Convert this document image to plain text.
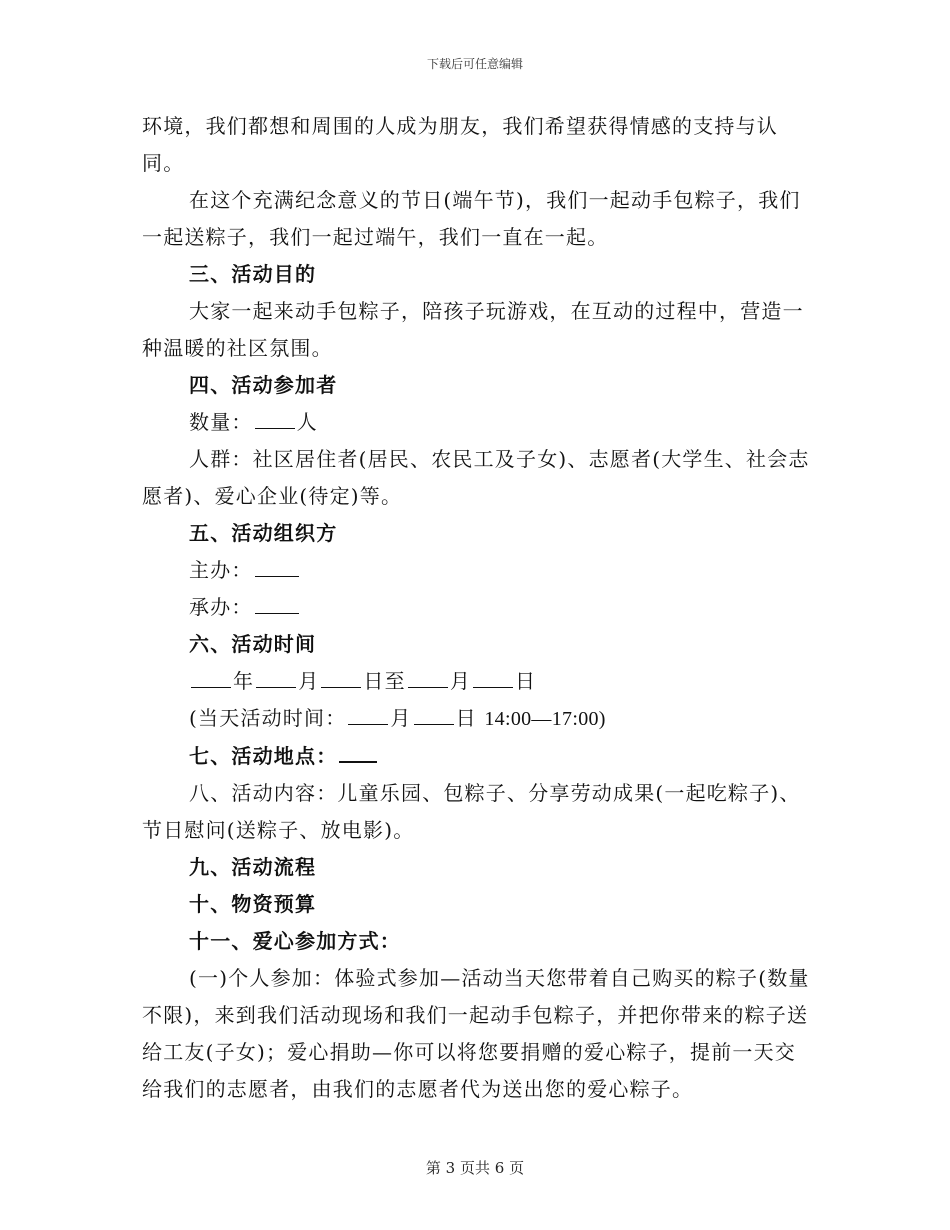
下载后可任意编辑

环境，我们都想和周围的人成为朋友，我们希望获得情感的支持与认同。

在这个充满纪念意义的节日(端午节)，我们一起动手包粽子，我们一起送粽子，我们一起过端午，我们一直在一起。

三、活动目的

大家一起来动手包粽子，陪孩子玩游戏，在互动的过程中，营造一种温暖的社区氛围。

四、活动参加者

数量： 人

人群：社区居住者(居民、农民工及子女)、志愿者(大学生、社会志愿者)、爱心企业(待定)等。

五、活动组织方

主办：

承办：

六、活动时间

年 月 日至 月 日

(当天活动时间： 月 日 14:00—17:00)

七、活动地点：

八、活动内容：儿童乐园、包粽子、分享劳动成果(一起吃粽子)、节日慰问(送粽子、放电影)。

九、活动流程

十、物资预算

十一、爱心参加方式：

(一)个人参加：体验式参加—活动当天您带着自己购买的粽子(数量不限)，来到我们活动现场和我们一起动手包粽子，并把你带来的粽子送给工友(子女)；爱心捐助—你可以将您要捐赠的爱心粽子，提前一天交给我们的志愿者，由我们的志愿者代为送出您的爱心粽子。

第 3 页共 6 页
